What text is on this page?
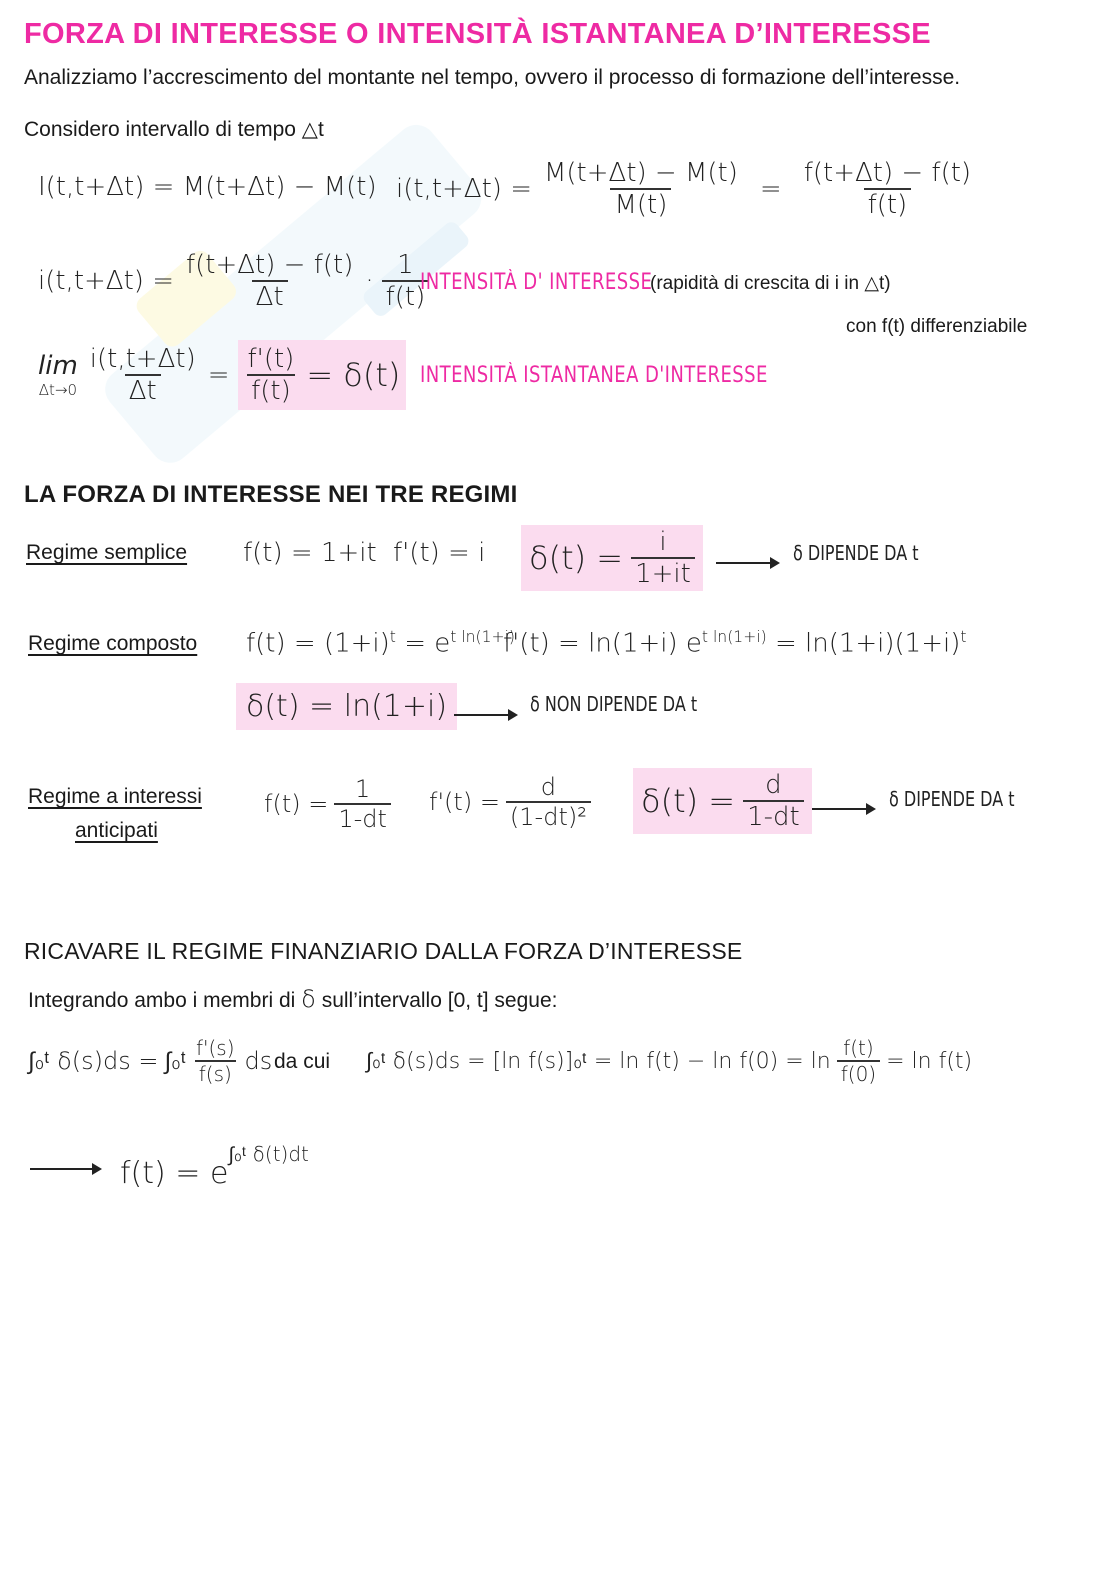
FORZA DI INTERESSE O INTENSITÀ ISTANTANEA D’INTERESSE
Analizziamo l’accrescimento del montante nel tempo, ovvero il processo di formazione dell’interesse.
Considero intervallo di tempo △t
I(t,t+Δt) = M(t+Δt) − M(t) $i(t,t+\Delta t) = \frac{M(t+\Delta t) - M(t)}{M(t)} = \frac{f(t+\Delta t) - f(t)}{f(t)}$
$i(t,t+\Delta t) = \frac{f(t+\Delta t) - f(t)}{\Delta t} \cdot \frac{1}{f(t)}$
INTENSITÀ D' INTERESSE
(rapidità di crescita di i in △t)
con f(t) differenziabile
lim
$\Delta t\to 0 \frac{i(t,t+\Delta t)}{\Delta t} = \frac{f'(t)}{f(t)} = \delta(t)$ INTENSITÀ ISTANTANEA D'INTERESSE
LA FORZA DI INTERESSE NEI TRE REGIMI
Regime semplice f(t) = 1+it f'(t) = i $\delta(t) = \frac{i}{1+it}$	δ DIPENDE DA t
Regime composto $f(t) = (1+i)^t = e^{t ln(1+i)}$
f'(t) = ln(1+i) $e^{t ln(1+i)} = \ln(1+i)(1+i)^t$
δ(t) = ln(1+i)	δ NON DIPENDE DA t
Regime a interessi
anticipati
$f(t) = \frac{1}{1-dt} f'(t) = \frac{d}{\text{(1-dt)²}} \delta(t) = \frac{d}{1-dt}$	δ DIPENDE DA t
RICAVARE IL REGIME FINANZIARIO DALLA FORZA D’INTERESSE
Integrando ambo i membri di δ sull’intervallo [0, t] segue:
∫₀ᵗ δ(s)ds = ∫₀ᵗ $\frac{f'(s)}{f(s)}$ ds da cui ∫₀ᵗ δ(s)ds = [ln f(s)]₀ᵗ = $\ln f(t) - \ln f(0) = \ln \frac{f(t)}{f(0)} = \ln f(t)$
$f(t) = e^{\int_0ᵗ \delta(t)dt}$
